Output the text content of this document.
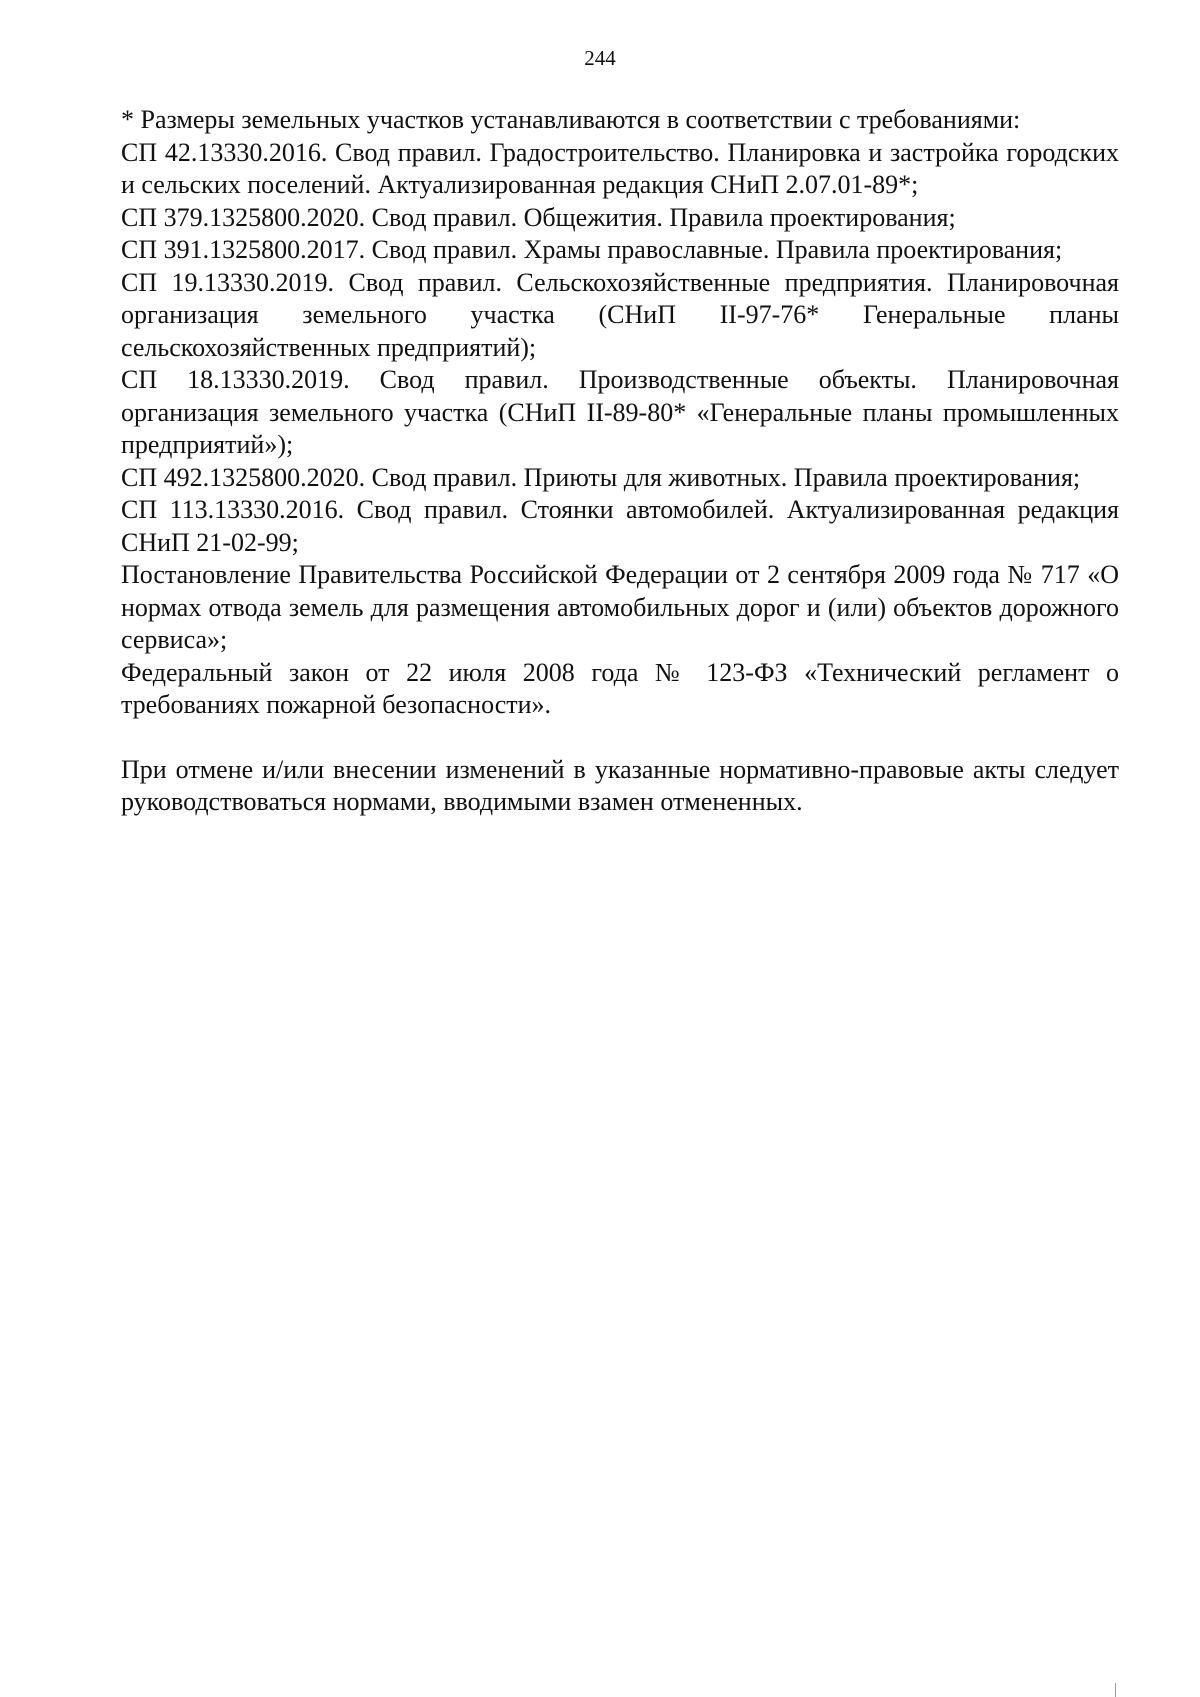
244

* Размеры земельных участков устанавливаются в соответствии с требованиями:

СП 42.13330.2016. Свод правил. Градостроительство. Планировка и застройка городских и сельских поселений. Актуализированная редакция СНиП 2.07.01-89*;

СП 379.1325800.2020. Свод правил. Общежития. Правила проектирования;

СП 391.1325800.2017. Свод правил. Храмы православные. Правила проектирования;

СП 19.13330.2019. Свод правил. Сельскохозяйственные предприятия. Планировочная организация земельного участка (СНиП II-97-76* Генеральные планы сельскохозяйственных предприятий);

СП 18.13330.2019. Свод правил. Производственные объекты. Планировочная организация земельного участка (СНиП II-89-80* «Генеральные планы промышленных предприятий»);

СП 492.1325800.2020. Свод правил. Приюты для животных. Правила проектирования;

СП 113.13330.2016. Свод правил. Стоянки автомобилей. Актуализированная редакция СНиП 21-02-99;

Постановление Правительства Российской Федерации от 2 сентября 2009 года № 717 «О нормах отвода земель для размещения автомобильных дорог и (или) объектов дорожного сервиса»;

Федеральный закон от 22 июля 2008 года № 123-ФЗ «Технический регламент о требованиях пожарной безопасности».

При отмене и/или внесении изменений в указанные нормативно-правовые акты следует руководствоваться нормами, вводимыми взамен отмененных.
